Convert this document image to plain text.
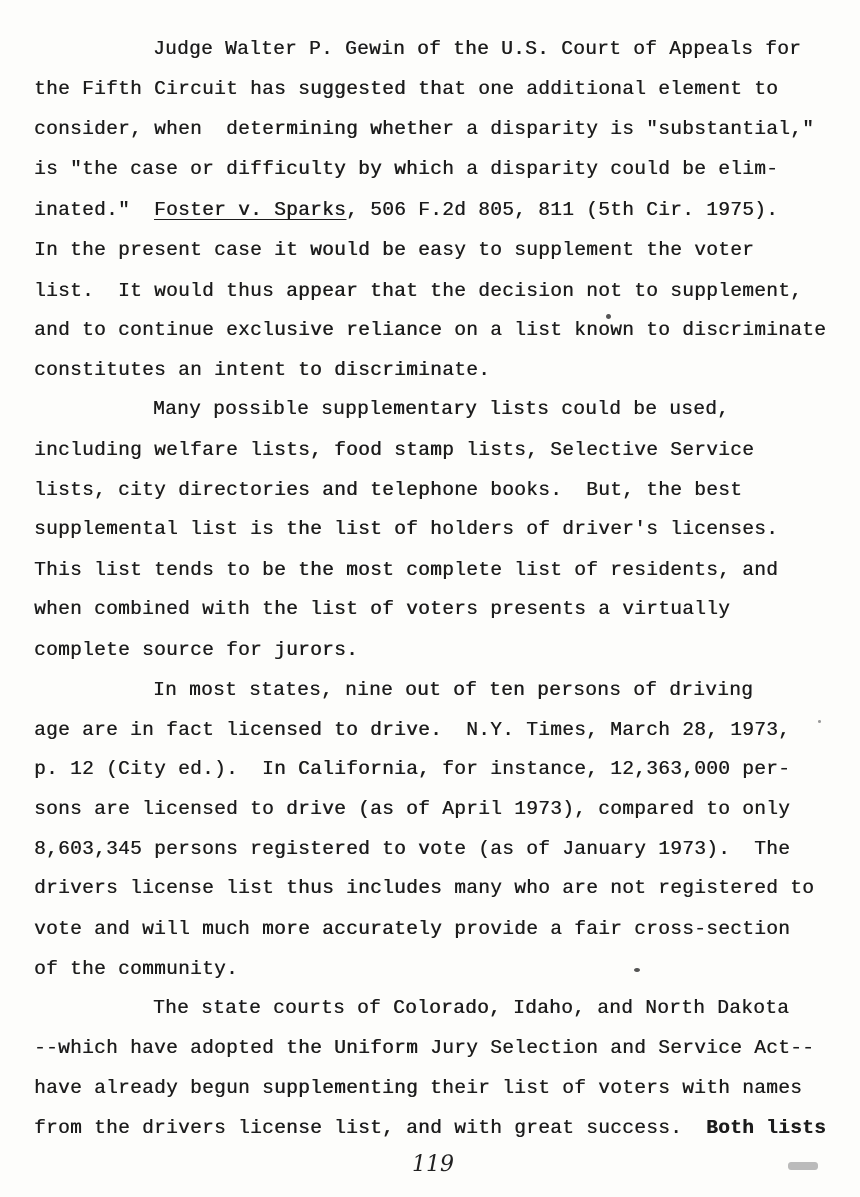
Judge Walter P. Gewin of the U.S. Court of Appeals for
the Fifth Circuit has suggested that one additional element to
consider, when  determining whether a disparity is "substantial,"
is "the case or difficulty by which a disparity could be elim-
inated."  Foster v. Sparks, 506 F.2d 805, 811 (5th Cir. 1975).
In the present case it would be easy to supplement the voter
list.  It would thus appear that the decision not to supplement,
and to continue exclusive reliance on a list known to discriminate
constitutes an intent to discriminate.
Many possible supplementary lists could be used,
including welfare lists, food stamp lists, Selective Service
lists, city directories and telephone books.  But, the best
supplemental list is the list of holders of driver's licenses.
This list tends to be the most complete list of residents, and
when combined with the list of voters presents a virtually
complete source for jurors.
In most states, nine out of ten persons of driving
age are in fact licensed to drive.  N.Y. Times, March 28, 1973,
p. 12 (City ed.).  In California, for instance, 12,363,000 per-
sons are licensed to drive (as of April 1973), compared to only
8,603,345 persons registered to vote (as of January 1973).  The
drivers license list thus includes many who are not registered to
vote and will much more accurately provide a fair cross-section
of the community.
The state courts of Colorado, Idaho, and North Dakota
--which have adopted the Uniform Jury Selection and Service Act--
have already begun supplementing their list of voters with names
from the drivers license list, and with great success.  Both lists
119
